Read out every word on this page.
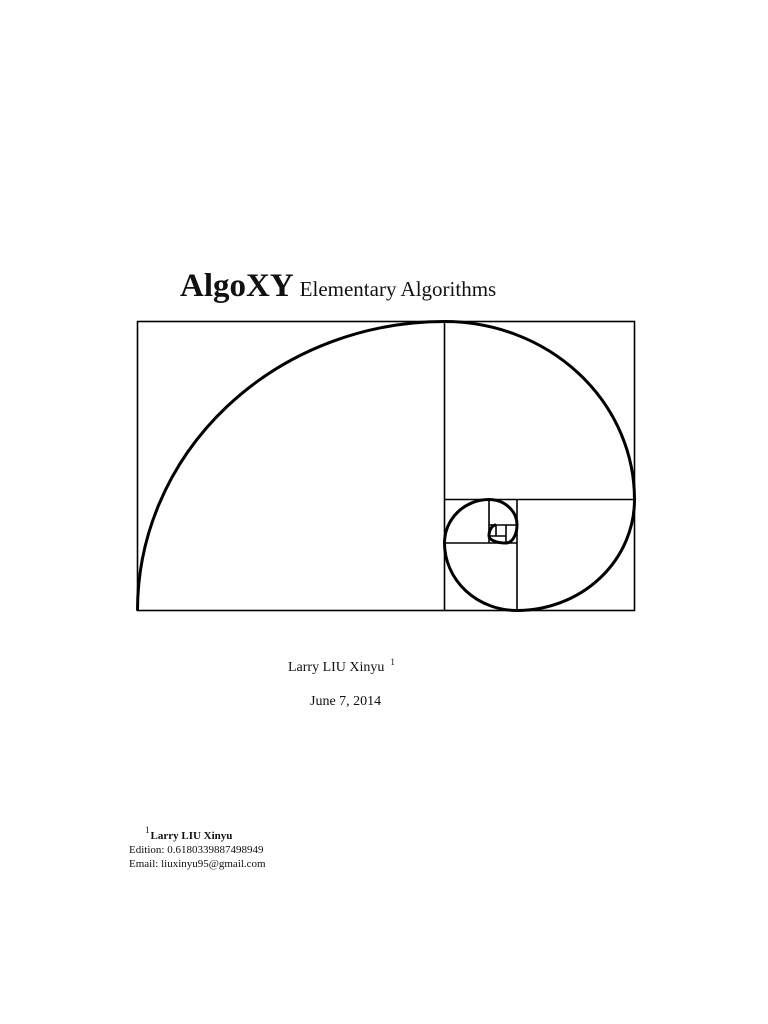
AlgoXY Elementary Algorithms
Larry LIU Xinyu $^1$
June 7, 2014
$^1$Larry LIU Xinyu
Edition: 0.6180339887498949
Email: liuxinyu95@gmail.com
